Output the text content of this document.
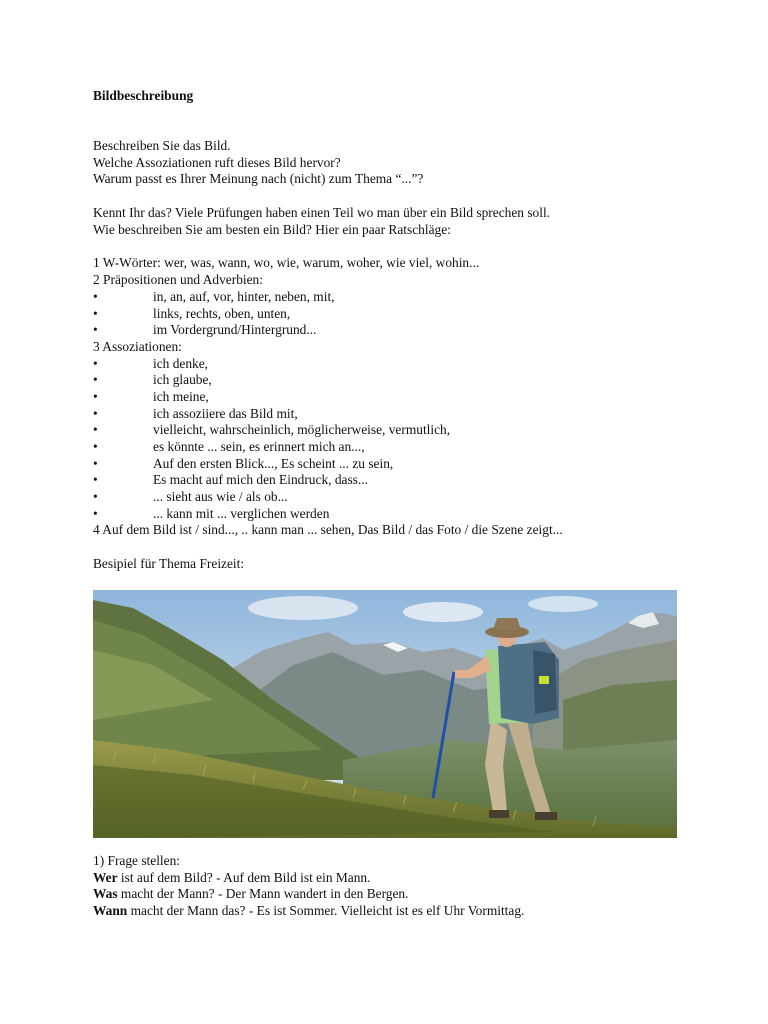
Bildbeschreibung
Beschreiben Sie das Bild.
Welche Assoziationen ruft dieses Bild hervor?
Warum passt es Ihrer Meinung nach (nicht) zum Thema “...”?
Kennt Ihr das? Viele Prüfungen haben einen Teil wo man über ein Bild sprechen soll.
Wie beschreiben Sie am besten ein Bild? Hier ein paar Ratschläge:
1 W-Wörter: wer, was, wann, wo, wie, warum, woher, wie viel, wohin...
2 Präpositionen und Adverbien:
•	in, an, auf, vor, hinter, neben, mit,
•	links, rechts, oben, unten,
•	im Vordergrund/Hintergrund...
3 Assoziationen:
•	ich denke,
•	ich glaube,
•	ich meine,
•	ich assoziiere das Bild mit,
•	vielleicht, wahrscheinlich, möglicherweise, vermutlich,
•	es könnte ... sein, es erinnert mich an...,
•	Auf den ersten Blick..., Es scheint ... zu sein,
•	Es macht auf mich den Eindruck, dass...
•	... sieht aus wie / als ob...
•	... kann mit ... verglichen werden
4 Auf dem Bild ist / sind..., .. kann man ... sehen, Das Bild / das Foto / die Szene zeigt...
Besipiel für Thema Freizeit:
1) Frage stellen:
Wer ist auf dem Bild? - Auf dem Bild ist ein Mann.
Was macht der Mann? - Der Mann wandert in den Bergen.
Wann macht der Mann das? - Es ist Sommer. Vielleicht ist es elf Uhr Vormittag.
